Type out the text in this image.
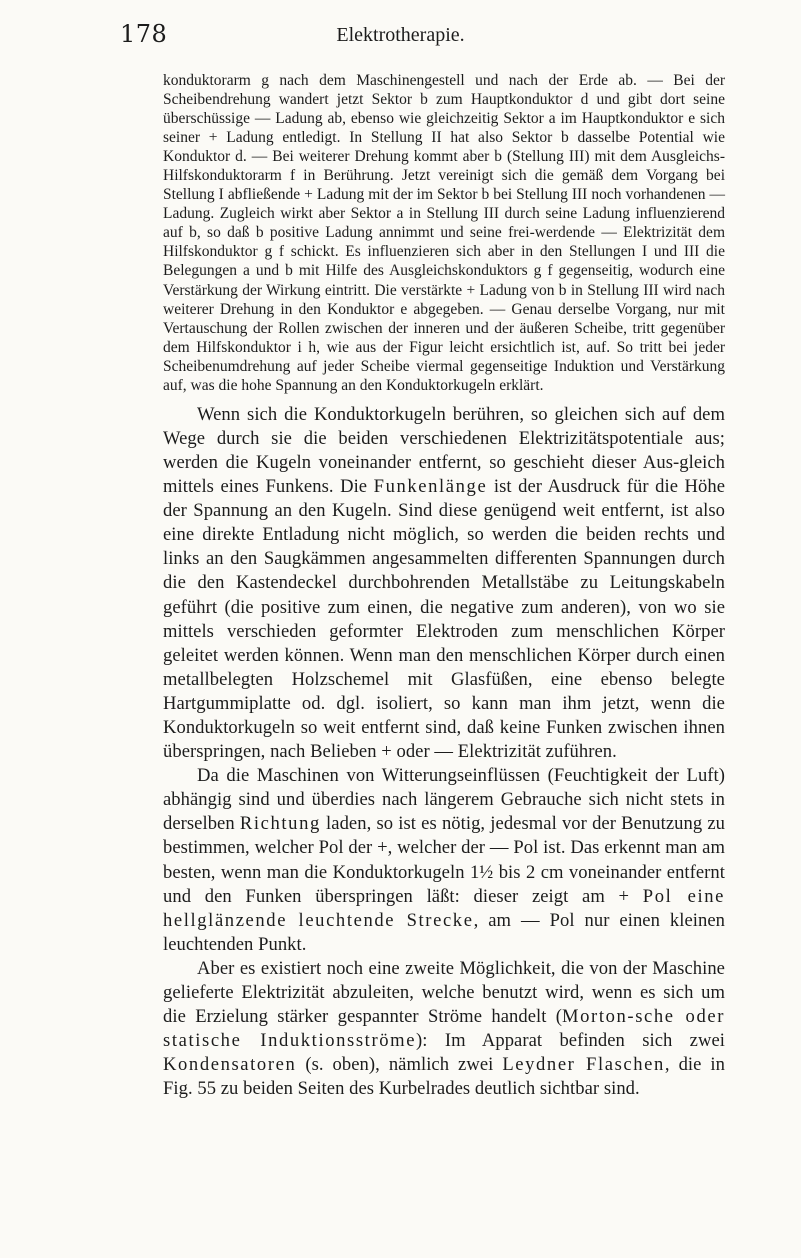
178	Elektrotherapie.

konduktorarm g nach dem Maschinengestell und nach der Erde ab. — Bei der Scheibendrehung wandert jetzt Sektor b zum Hauptkonduktor d und gibt dort seine überschüssige — Ladung ab, ebenso wie gleichzeitig Sektor a im Hauptkonduktor e sich seiner + Ladung entledigt. In Stellung II hat also Sektor b dasselbe Potential wie Konduktor d. — Bei weiterer Drehung kommt aber b (Stellung III) mit dem Ausgleichs-Hilfskonduktorarm f in Berührung. Jetzt vereinigt sich die gemäß dem Vorgang bei Stellung I abfließende + Ladung mit der im Sektor b bei Stellung III noch vorhandenen — Ladung. Zugleich wirkt aber Sektor a in Stellung III durch seine Ladung influenzierend auf b, so daß b positive Ladung annimmt und seine frei-werdende — Elektrizität dem Hilfskonduktor g f schickt. Es influenzieren sich aber in den Stellungen I und III die Belegungen a und b mit Hilfe des Ausgleichskonduktors g f gegenseitig, wodurch eine Verstärkung der Wirkung eintritt. Die verstärkte + Ladung von b in Stellung III wird nach weiterer Drehung in den Konduktor e abgegeben. — Genau derselbe Vorgang, nur mit Vertauschung der Rollen zwischen der inneren und der äußeren Scheibe, tritt gegenüber dem Hilfskonduktor i h, wie aus der Figur leicht ersichtlich ist, auf. So tritt bei jeder Scheibenumdrehung auf jeder Scheibe viermal gegenseitige Induktion und Verstärkung auf, was die hohe Spannung an den Konduktorkugeln erklärt.

Wenn sich die Konduktorkugeln berühren, so gleichen sich auf dem Wege durch sie die beiden verschiedenen Elektrizitätspotentiale aus; werden die Kugeln voneinander entfernt, so geschieht dieser Aus-gleich mittels eines Funkens. Die Funkenlänge ist der Ausdruck für die Höhe der Spannung an den Kugeln. Sind diese genügend weit entfernt, ist also eine direkte Entladung nicht möglich, so werden die beiden rechts und links an den Saugkämmen angesammelten differenten Spannungen durch die den Kastendeckel durchbohrenden Metallstäbe zu Leitungskabeln geführt (die positive zum einen, die negative zum anderen), von wo sie mittels verschieden geformter Elektroden zum menschlichen Körper geleitet werden können. Wenn man den menschlichen Körper durch einen metallbelegten Holzschemel mit Glasfüßen, eine ebenso belegte Hartgummiplatte od. dgl. isoliert, so kann man ihm jetzt, wenn die Konduktorkugeln so weit entfernt sind, daß keine Funken zwischen ihnen überspringen, nach Belieben + oder — Elektrizität zuführen.

Da die Maschinen von Witterungseinflüssen (Feuchtigkeit der Luft) abhängig sind und überdies nach längerem Gebrauche sich nicht stets in derselben Richtung laden, so ist es nötig, jedesmal vor der Benutzung zu bestimmen, welcher Pol der +, welcher der — Pol ist. Das erkennt man am besten, wenn man die Konduktorkugeln 1½ bis 2 cm voneinander entfernt und den Funken überspringen läßt: dieser zeigt am + Pol eine hellglänzende leuchtende Strecke, am — Pol nur einen kleinen leuchtenden Punkt.

Aber es existiert noch eine zweite Möglichkeit, die von der Maschine gelieferte Elektrizität abzuleiten, welche benutzt wird, wenn es sich um die Erzielung stärker gespannter Ströme handelt (Morton-sche oder statische Induktionsströme): Im Apparat befinden sich zwei Kondensatoren (s. oben), nämlich zwei Leydner Flaschen, die in Fig. 55 zu beiden Seiten des Kurbelrades deutlich sichtbar sind.
